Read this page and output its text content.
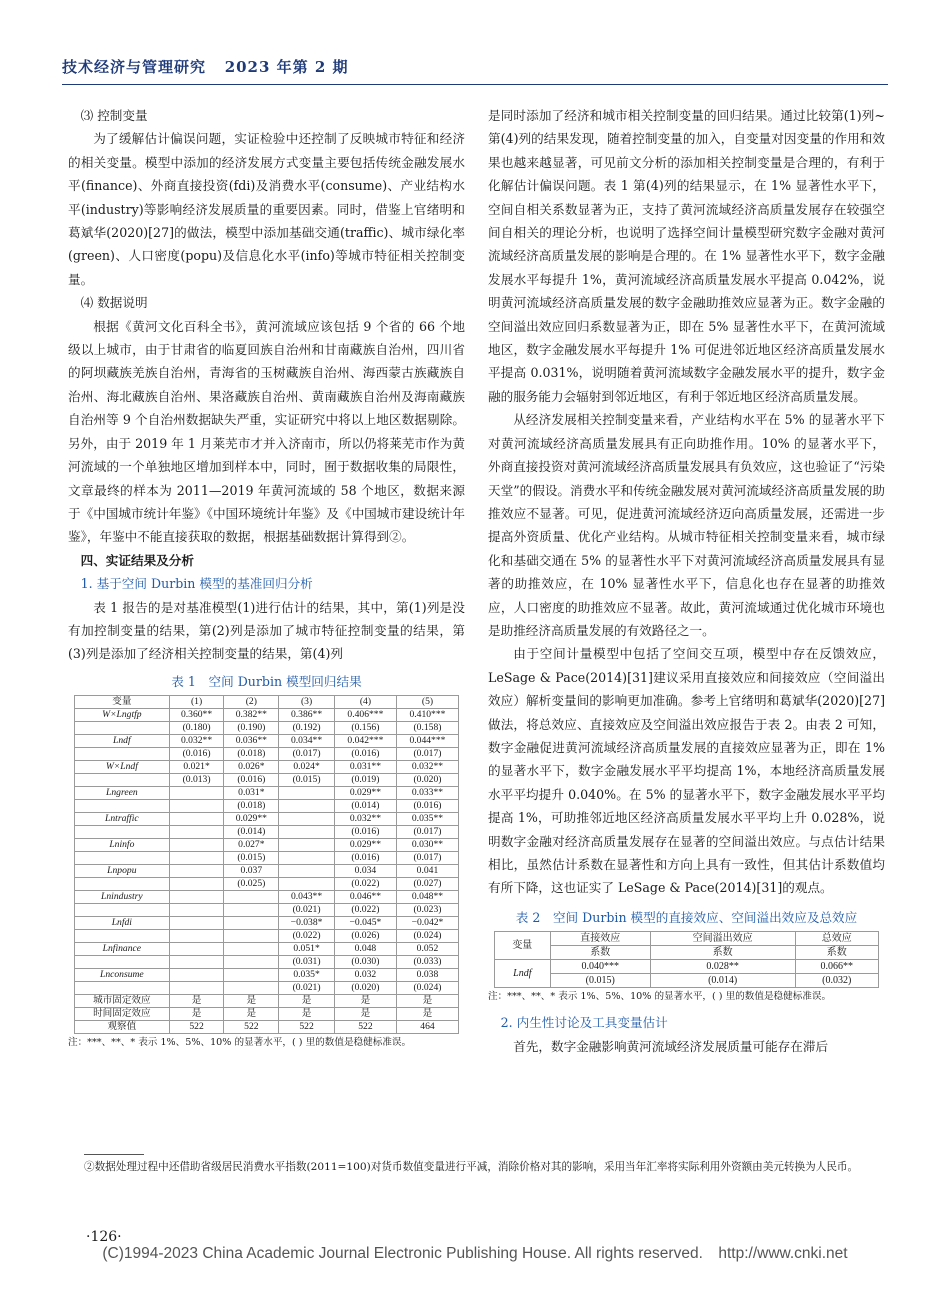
技术经济与管理研究 2023 年第 2 期

⑶ 控制变量

为了缓解估计偏误问题，实证检验中还控制了反映城市特征和经济的相关变量。模型中添加的经济发展方式变量主要包括传统金融发展水平(finance)、外商直接投资(fdi)及消费水平(consume)、产业结构水平(industry)等影响经济发展质量的重要因素。同时，借鉴上官绪明和葛斌华(2020)[27]的做法，模型中添加基础交通(traffic)、城市绿化率(green)、人口密度(popu)及信息化水平(info)等城市特征相关控制变量。

⑷ 数据说明

根据《黄河文化百科全书》，黄河流域应该包括 9 个省的 66 个地级以上城市，由于甘肃省的临夏回族自治州和甘南藏族自治州，四川省的阿坝藏族羌族自治州，青海省的玉树藏族自治州、海西蒙古族藏族自治州、海北藏族自治州、果洛藏族自治州、黄南藏族自治州及海南藏族自治州等 9 个自治州数据缺失严重，实证研究中将以上地区数据剔除。另外，由于 2019 年 1 月莱芜市才并入济南市，所以仍将莱芜市作为黄河流域的一个单独地区增加到样本中，同时，囿于数据收集的局限性，文章最终的样本为 2011—2019 年黄河流域的 58 个地区，数据来源于《中国城市统计年鉴》《中国环境统计年鉴》及《中国城市建设统计年鉴》，年鉴中不能直接获取的数据，根据基础数据计算得到②。

四、实证结果及分析

1. 基于空间 Durbin 模型的基准回归分析

表 1 报告的是对基准模型(1)进行估计的结果，其中，第(1)列是没有加控制变量的结果，第(2)列是添加了城市特征控制变量的结果，第(3)列是添加了经济相关控制变量的结果，第(4)列

表 1　空间 Durbin 模型回归结果
变量	(1)	(2)	(3)	(4)	(5)
W×Lngtfp	0.360**	0.382**	0.386**	0.406***	0.410***
	(0.180)	(0.190)	(0.192)	(0.156)	(0.158)
Lndf	0.032**	0.036**	0.034**	0.042***	0.044***
	(0.016)	(0.018)	(0.017)	(0.016)	(0.017)
W×Lndf	0.021*	0.026*	0.024*	0.031**	0.032**
	(0.013)	(0.016)	(0.015)	(0.019)	(0.020)
Lngreen		0.031*		0.029**	0.033**
		(0.018)		(0.014)	(0.016)
Lntraffic		0.029**		0.032**	0.035**
		(0.014)		(0.016)	(0.017)
Lninfo		0.027*		0.029**	0.030**
		(0.015)		(0.016)	(0.017)
Lnpopu		0.037		0.034	0.041
		(0.025)		(0.022)	(0.027)
Lnindustry			0.043**	0.046**	0.048**
			(0.021)	(0.022)	(0.023)
Lnfdi			−0.038*	−0.045*	−0.042*
			(0.022)	(0.026)	(0.024)
Lnfinance			0.051*	0.048	0.052
			(0.031)	(0.030)	(0.033)
Lnconsume			0.035*	0.032	0.038
			(0.021)	(0.020)	(0.024)
城市固定效应	是	是	是	是	是
时间固定效应	是	是	是	是	是
观察值	522	522	522	522	464
注：***、**、* 表示 1%、5%、10% 的显著水平，( ) 里的数值是稳健标准误。

是同时添加了经济和城市相关控制变量的回归结果。通过比较第(1)列~第(4)列的结果发现，随着控制变量的加入，自变量对因变量的作用和效果也越来越显著，可见前文分析的添加相关控制变量是合理的，有利于化解估计偏误问题。表 1 第(4)列的结果显示，在 1% 显著性水平下，空间自相关系数显著为正，支持了黄河流域经济高质量发展存在较强空间自相关的理论分析，也说明了选择空间计量模型研究数字金融对黄河流域经济高质量发展的影响是合理的。在 1% 显著性水平下，数字金融发展水平每提升 1%，黄河流域经济高质量发展水平提高 0.042%，说明黄河流域经济高质量发展的数字金融助推效应显著为正。数字金融的空间溢出效应回归系数显著为正，即在 5% 显著性水平下，在黄河流域地区，数字金融发展水平每提升 1% 可促进邻近地区经济高质量发展水平提高 0.031%，说明随着黄河流域数字金融发展水平的提升，数字金融的服务能力会辐射到邻近地区，有利于邻近地区经济高质量发展。

从经济发展相关控制变量来看，产业结构水平在 5% 的显著水平下对黄河流域经济高质量发展具有正向助推作用。10% 的显著水平下，外商直接投资对黄河流域经济高质量发展具有负效应，这也验证了“污染天堂”的假设。消费水平和传统金融发展对黄河流域经济高质量发展的助推效应不显著。可见，促进黄河流域经济迈向高质量发展，还需进一步提高外资质量、优化产业结构。从城市特征相关控制变量来看，城市绿化和基础交通在 5% 的显著性水平下对黄河流域经济高质量发展具有显著的助推效应，在 10% 显著性水平下，信息化也存在显著的助推效应，人口密度的助推效应不显著。故此，黄河流域通过优化城市环境也是助推经济高质量发展的有效路径之一。

由于空间计量模型中包括了空间交互项，模型中存在反馈效应，LeSage & Pace(2014)[31]建议采用直接效应和间接效应（空间溢出效应）解析变量间的影响更加准确。参考上官绪明和葛斌华(2020)[27]做法，将总效应、直接效应及空间溢出效应报告于表 2。由表 2 可知，数字金融促进黄河流域经济高质量发展的直接效应显著为正，即在 1% 的显著水平下，数字金融发展水平平均提高 1%，本地经济高质量发展水平平均提升 0.040%。在 5% 的显著水平下，数字金融发展水平平均提高 1%，可助推邻近地区经济高质量发展水平平均上升 0.028%，说明数字金融对经济高质量发展存在显著的空间溢出效应。与点估计结果相比，虽然估计系数在显著性和方向上具有一致性，但其估计系数值均有所下降，这也证实了 LeSage & Pace(2014)[31]的观点。

表 2　空间 Durbin 模型的直接效应、空间溢出效应及总效应
变量	直接效应	空间溢出效应	总效应
	系数	系数	系数
Lndf	0.040***	0.028**	0.066**
	(0.015)	(0.014)	(0.032)
注：***、**、* 表示 1%、5%、10% 的显著水平，( ) 里的数值是稳健标准误。

2. 内生性讨论及工具变量估计

首先，数字金融影响黄河流域经济发展质量可能存在滞后

②数据处理过程中还借助省级居民消费水平指数(2011=100)对货币数值变量进行平减，消除价格对其的影响，采用当年汇率将实际利用外资额由美元转换为人民币。
·126·
(C)1994-2023 China Academic Journal Electronic Publishing House. All rights reserved.　http://www.cnki.net
